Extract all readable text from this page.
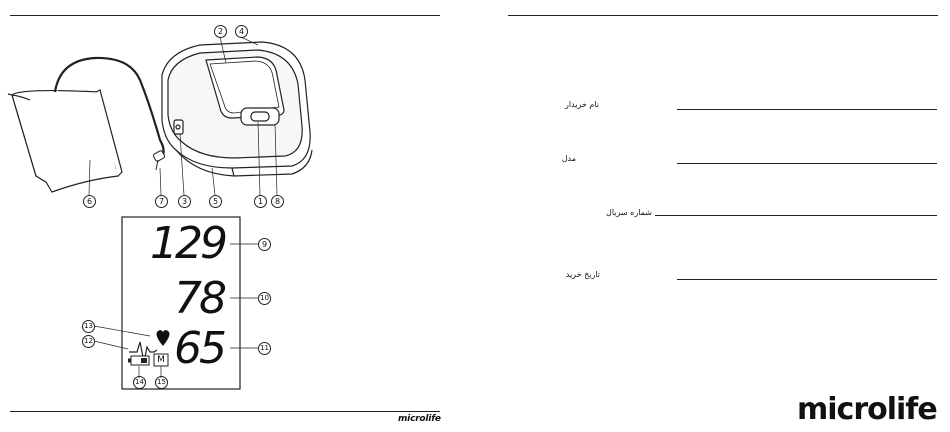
129
78
65
M
2	4
6	7	3	5	1	8
9
10
11
13
12
14 15
microlife
نام خریدار
مدل
شماره سریال
تاریخ خرید
microlife
